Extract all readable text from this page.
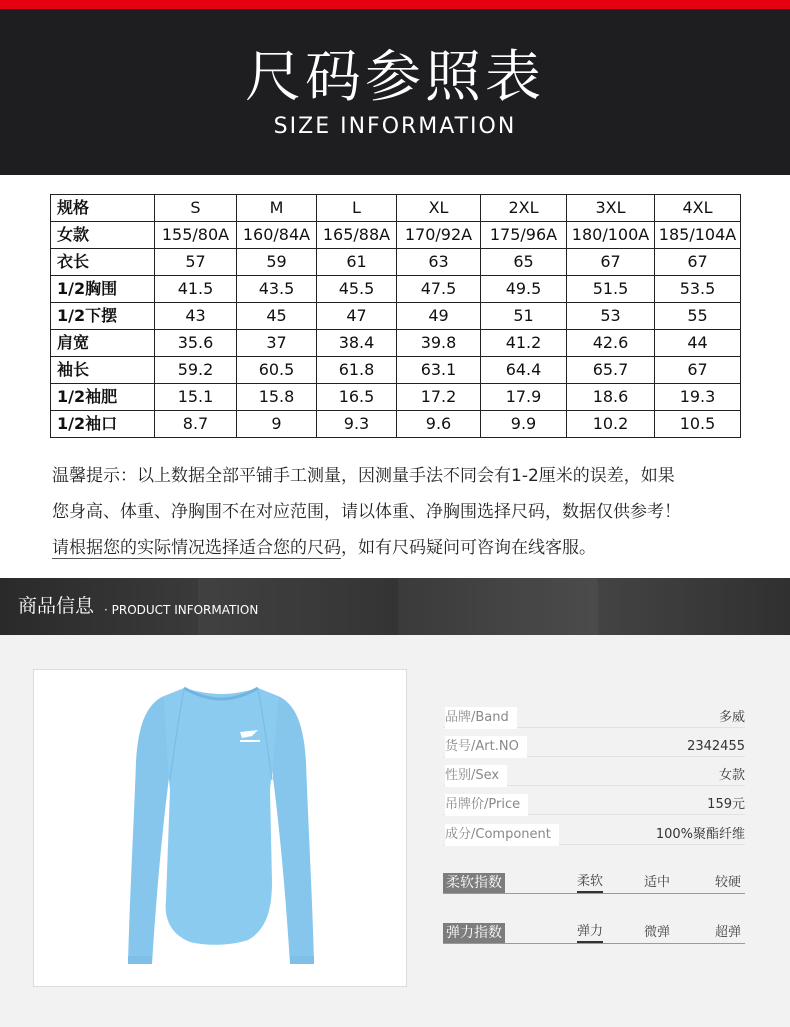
尺码参照表
SIZE INFORMATION
规格	S	M	L	XL	2XL	3XL	4XL
女款	155/80A	160/84A	165/88A	170/92A	175/96A	180/100A	185/104A
衣长	57	59	61	63	65	67	67
1/2胸围	41.5	43.5	45.5	47.5	49.5	51.5	53.5
1/2下摆	43	45	47	49	51	53	55
肩宽	35.6	37	38.4	39.8	41.2	42.6	44
袖长	59.2	60.5	61.8	63.1	64.4	65.7	67
1/2袖肥	15.1	15.8	16.5	17.2	17.9	18.6	19.3
1/2袖口	8.7	9	9.3	9.6	9.9	10.2	10.5

温馨提示：以上数据全部平铺手工测量，因测量手法不同会有1-2厘米的误差，如果

您身高、体重、净胸围不在对应范围，请以体重、净胸围选择尺码，数据仅供参考！

请根据您的实际情况选择适合您的尺码，如有尺码疑问可咨询在线客服。

商品信息 · PRODUCT INFORMATION
品牌/Band	多威
货号/Art.NO	2342455
性别/Sex	女款
吊牌价/Price	159元
成分/Component	100%聚酯纤维
柔软指数	柔软	适中	较硬
弹力指数	弹力	微弹	超弹
